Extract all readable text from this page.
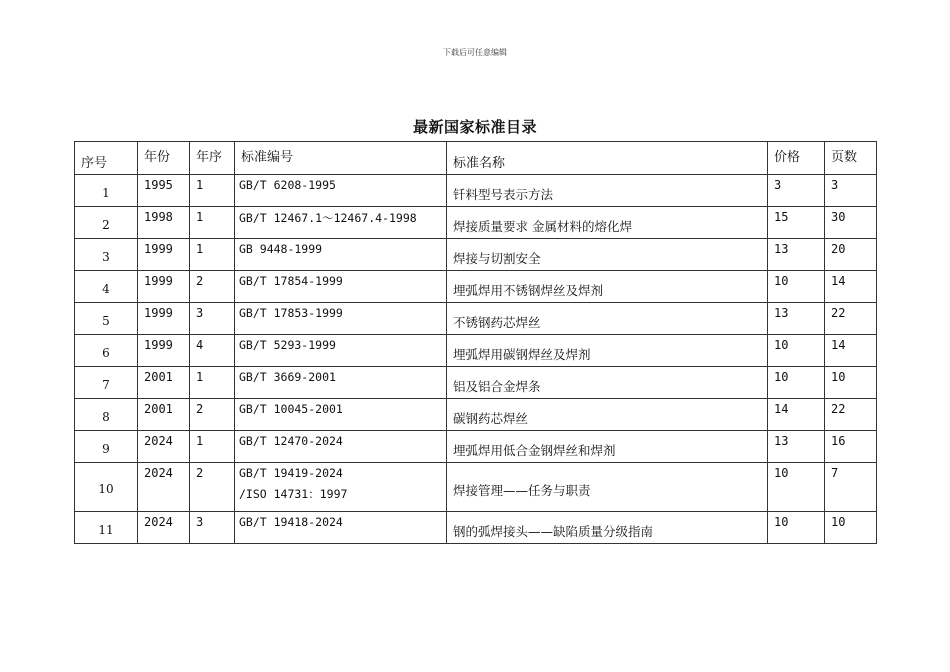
下载后可任意编辑
最新国家标准目录
序号	年份	年序	标准编号	标准名称	价格	页数

1	1995	1	GB/T 6208-1995	钎料型号表示方法	3	3

2	1998	1	GB/T 12467.1～12467.4-1998	焊接质量要求 金属材料的熔化焊	15	30

3	1999	1	GB 9448-1999	焊接与切割安全	13	20

4	1999	2	GB/T 17854-1999	埋弧焊用不锈钢焊丝及焊剂	10	14

5	1999	3	GB/T 17853-1999	不锈钢药芯焊丝	13	22

6	1999	4	GB/T 5293-1999	埋弧焊用碳钢焊丝及焊剂	10	14

7	2001	1	GB/T 3669-2001	铝及铝合金焊条	10	10

8	2001	2	GB/T 10045-2001	碳钢药芯焊丝	14	22

9	2024	1	GB/T 12470-2024	埋弧焊用低合金钢焊丝和焊剂	13	16

10	2024	2	GB/T 19419-2024
/ISO 14731：1997	焊接管理——任务与职责	10	7

11	2024	3	GB/T 19418-2024	钢的弧焊接头——缺陷质量分级指南	10	10
